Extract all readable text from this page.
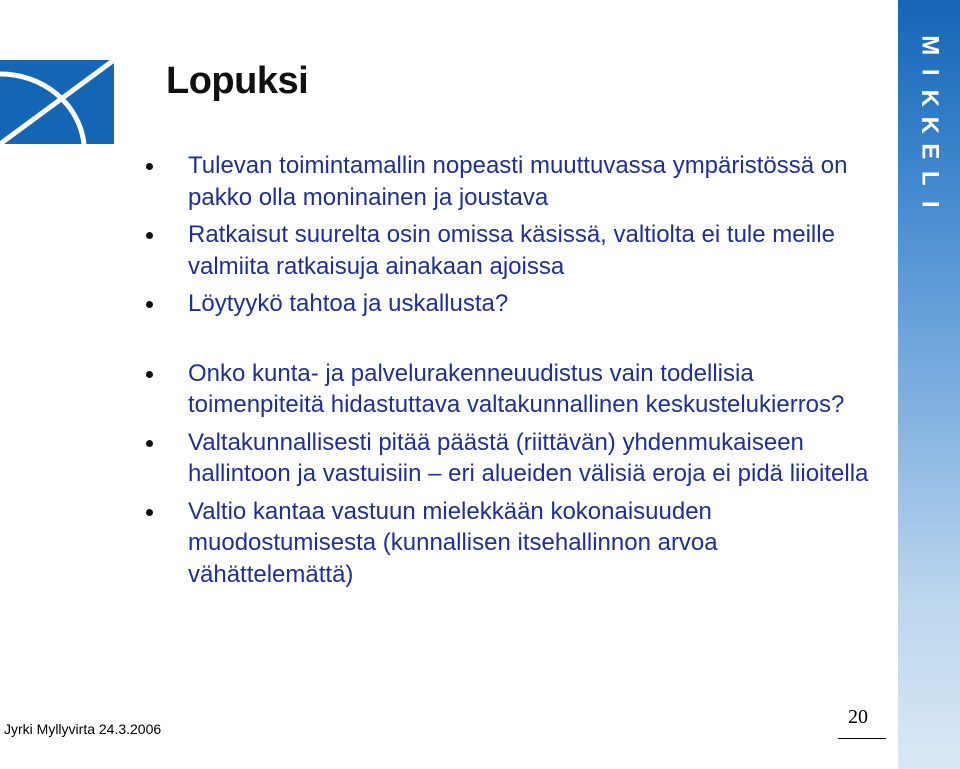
Lopuksi
Tulevan toimintamallin nopeasti muuttuvassa ympäristössä on pakko olla moninainen ja joustava
Ratkaisut suurelta osin omissa käsissä, valtiolta ei tule meille valmiita ratkaisuja ainakaan ajoissa
Löytyykö tahtoa ja uskallusta?
Onko kunta- ja palvelurakenneuudistus vain todellisia toimenpiteitä hidastuttava valtakunnallinen keskustelukierros?
Valtakunnallisesti pitää päästä (riittävän) yhdenmukaiseen hallintoon ja vastuisiin – eri alueiden välisiä eroja ei pidä liioitella
Valtio kantaa vastuun mielekkään kokonaisuuden muodostumisesta (kunnallisen itsehallinnon arvoa vähättelemättä)
M
I
K
K
E
L
I
Jyrki Myllyvirta 24.3.2006
20
